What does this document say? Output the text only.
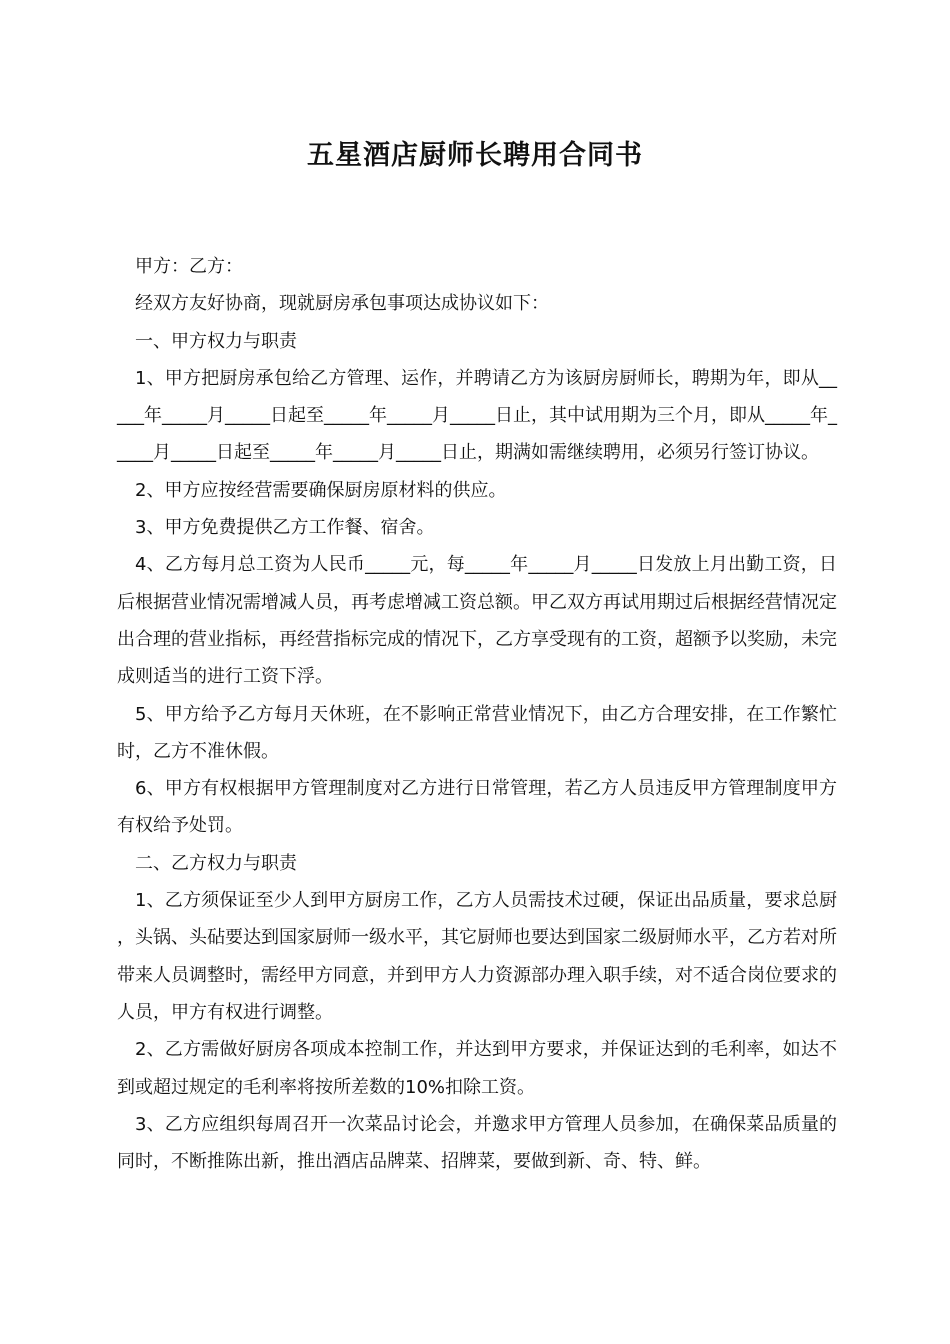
五星酒店厨师长聘用合同书

甲方：乙方：

经双方友好协商，现就厨房承包事项达成协议如下：

一、甲方权力与职责

1、甲方把厨房承包给乙方管理、运作，并聘请乙方为该厨房厨师长，聘期为年，即从_____年_____月_____日起至_____年_____月_____日止，其中试用期为三个月，即从_____年_____月_____日起至_____年_____月_____日止，期满如需继续聘用，必须另行签订协议。

2、甲方应按经营需要确保厨房原材料的供应。

3、甲方免费提供乙方工作餐、宿舍。

4、乙方每月总工资为人民币_____元，每_____年_____月_____日发放上月出勤工资，日后根据营业情况需增减人员，再考虑增减工资总额。甲乙双方再试用期过后根据经营情况定出合理的营业指标，再经营指标完成的情况下，乙方享受现有的工资，超额予以奖励，未完成则适当的进行工资下浮。

5、甲方给予乙方每月天休班，在不影响正常营业情况下，由乙方合理安排，在工作繁忙时，乙方不准休假。

6、甲方有权根据甲方管理制度对乙方进行日常管理，若乙方人员违反甲方管理制度甲方有权给予处罚。

二、乙方权力与职责

1、乙方须保证至少人到甲方厨房工作，乙方人员需技术过硬，保证出品质量，要求总厨，头锅、头砧要达到国家厨师一级水平，其它厨师也要达到国家二级厨师水平，乙方若对所带来人员调整时，需经甲方同意，并到甲方人力资源部办理入职手续，对不适合岗位要求的人员，甲方有权进行调整。

2、乙方需做好厨房各项成本控制工作，并达到甲方要求，并保证达到的毛利率，如达不到或超过规定的毛利率将按所差数的10%扣除工资。

3、乙方应组织每周召开一次菜品讨论会，并邀求甲方管理人员参加，在确保菜品质量的同时，不断推陈出新，推出酒店品牌菜、招牌菜，要做到新、奇、特、鲜。
